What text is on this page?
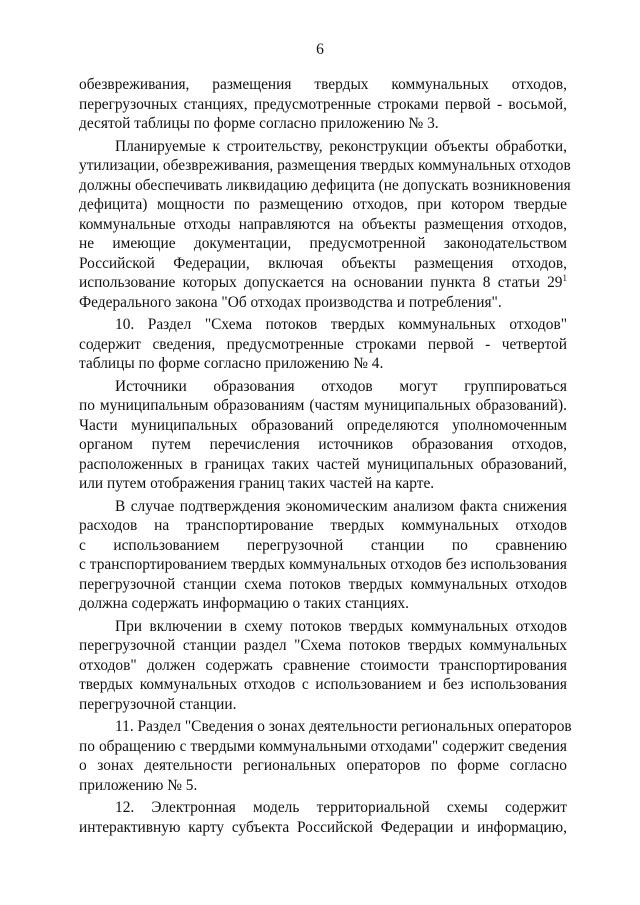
6
обезвреживания, размещения твердых коммунальных отходов,
перегрузочных станциях, предусмотренные строками первой - восьмой,
десятой таблицы по форме согласно приложению № 3.
Планируемые к строительству, реконструкции объекты обработки,
утилизации, обезвреживания, размещения твердых коммунальных отходов
должны обеспечивать ликвидацию дефицита (не допускать возникновения
дефицита) мощности по размещению отходов, при котором твердые
коммунальные отходы направляются на объекты размещения отходов,
не имеющие документации, предусмотренной законодательством
Российской Федерации, включая объекты размещения отходов,
использование которых допускается на основании пункта 8 статьи $29^1$
Федерального закона "Об отходах производства и потребления".
10. Раздел "Схема потоков твердых коммунальных отходов"
содержит сведения, предусмотренные строками первой - четвертой
таблицы по форме согласно приложению № 4.
Источники образования отходов могут группироваться
по муниципальным образованиям (частям муниципальных образований).
Части муниципальных образований определяются уполномоченным
органом путем перечисления источников образования отходов,
расположенных в границах таких частей муниципальных образований,
или путем отображения границ таких частей на карте.
В случае подтверждения экономическим анализом факта снижения
расходов на транспортирование твердых коммунальных отходов
с использованием перегрузочной станции по сравнению
с транспортированием твердых коммунальных отходов без использования
перегрузочной станции схема потоков твердых коммунальных отходов
должна содержать информацию о таких станциях.
При включении в схему потоков твердых коммунальных отходов
перегрузочной станции раздел "Схема потоков твердых коммунальных
отходов" должен содержать сравнение стоимости транспортирования
твердых коммунальных отходов с использованием и без использования
перегрузочной станции.
11. Раздел "Сведения о зонах деятельности региональных операторов
по обращению с твердыми коммунальными отходами" содержит сведения
о зонах деятельности региональных операторов по форме согласно
приложению № 5.
12. Электронная модель территориальной схемы содержит
интерактивную карту субъекта Российской Федерации и информацию,
